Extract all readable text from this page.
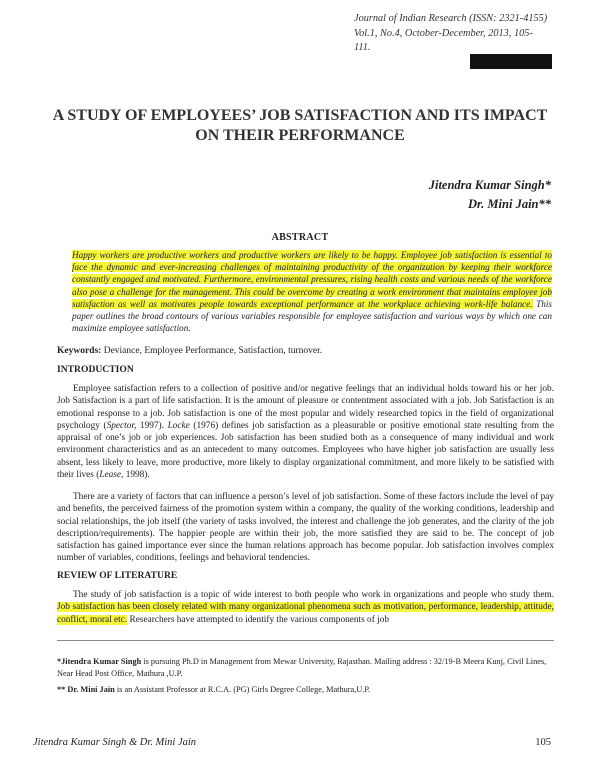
Journal of Indian Research (ISSN: 2321-4155)
Vol.1, No.4, October-December, 2013, 105-
111.
A STUDY OF EMPLOYEES’ JOB SATISFACTION AND ITS IMPACT ON THEIR PERFORMANCE
Jitendra Kumar Singh*
Dr. Mini Jain**
ABSTRACT
Happy workers are productive workers and productive workers are likely to be happy. Employee job satisfaction is essential to face the dynamic and ever-increasing challenges of maintaining productivity of the organization by keeping their workforce constantly engaged and motivated. Furthermore, environmental pressures, rising health costs and various needs of the workforce also pose a challenge for the management. This could be overcome by creating a work environment that maintains employee job satisfaction as well as motivates people towards exceptional performance at the workplace achieving work-life balance. This paper outlines the broad contours of various variables responsible for employee satisfaction and various ways by which one can maximize employee satisfaction.
Keywords: Deviance, Employee Performance, Satisfaction, turnover.
INTRODUCTION

Employee satisfaction refers to a collection of positive and/or negative feelings that an individual holds toward his or her job. Job Satisfaction is a part of life satisfaction. It is the amount of pleasure or contentment associated with a job. Job Satisfaction is an emotional response to a job. Job satisfaction is one of the most popular and widely researched topics in the field of organizational psychology (Spector, 1997). Locke (1976) defines job satisfaction as a pleasurable or positive emotional state resulting from the appraisal of one’s job or job experiences. Job satisfaction has been studied both as a consequence of many individual and work environment characteristics and as an antecedent to many outcomes. Employees who have higher job satisfaction are usually less absent, less likely to leave, more productive, more likely to display organizational commitment, and more likely to be satisfied with their lives (Lease, 1998).

There are a variety of factors that can influence a person’s level of job satisfaction. Some of these factors include the level of pay and benefits, the perceived fairness of the promotion system within a company, the quality of the working conditions, leadership and social relationships, the job itself (the variety of tasks involved, the interest and challenge the job generates, and the clarity of the job description/requirements). The happier people are within their job, the more satisfied they are said to be. The concept of job satisfaction has gained importance ever since the human relations approach has become popular. Job satisfaction involves complex number of variables, conditions, feelings and behavioral tendencies.

REVIEW OF LITERATURE

The study of job satisfaction is a topic of wide interest to both people who work in organizations and people who study them. Job satisfaction has been closely related with many organizational phenomena such as motivation, performance, leadership, attitude, conflict, moral etc. Researchers have attempted to identify the various components of job

*Jitendra Kumar Singh is pursuing Ph.D in Management from Mewar University, Rajasthan. Mailing address : 32/19-B Meera Kunj, Civil Lines, Near Head Post Office, Mathura ,U.P.
** Dr. Mini Jain is an Assistant Professor at R.C.A. (PG) Girls Degree College, Mathura,U.P.
Jitendra Kumar Singh & Dr. Mini Jain	105
